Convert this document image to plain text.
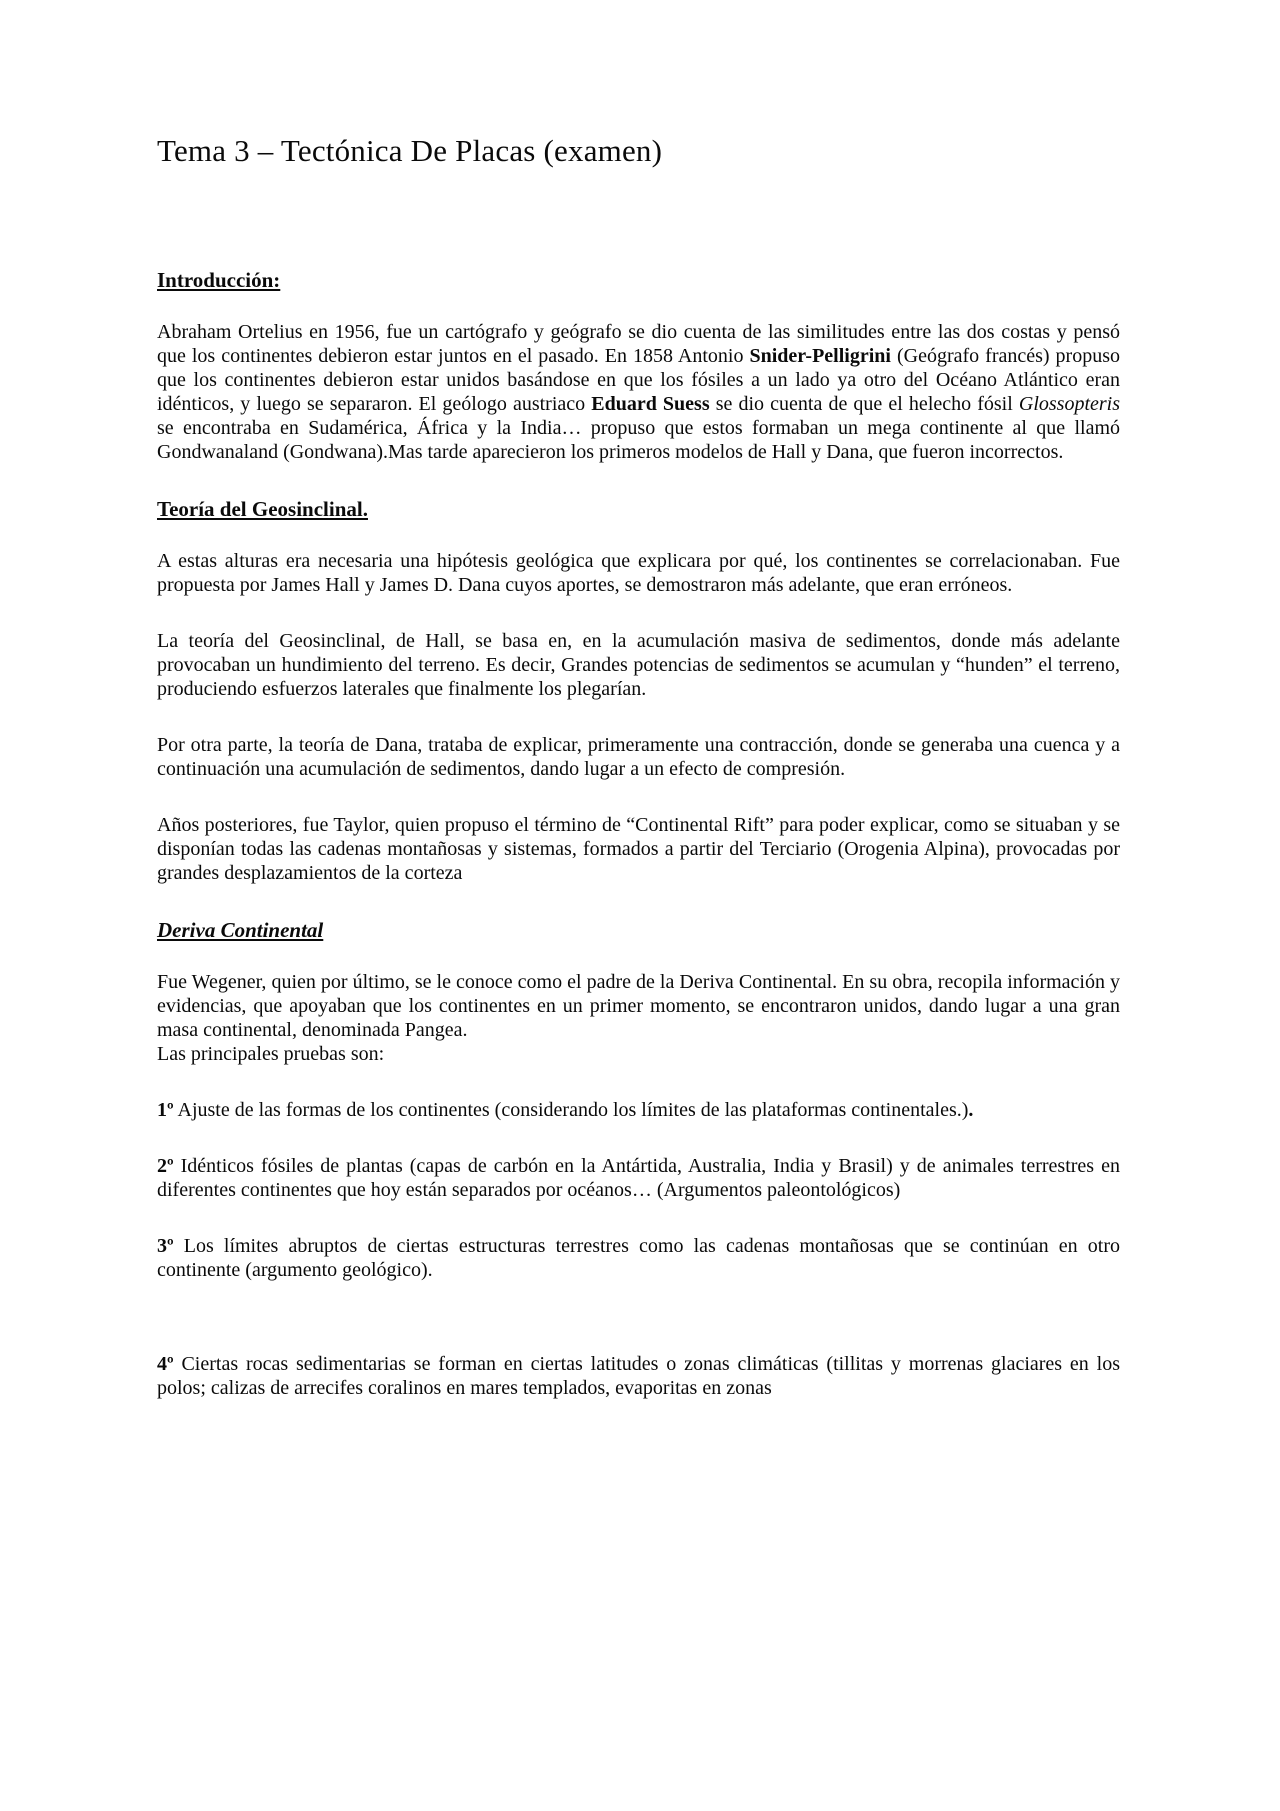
Tema 3 – Tectónica De Placas (examen)
Introducción:

Abraham Ortelius en 1956, fue un cartógrafo y geógrafo se dio cuenta de las similitudes entre las dos costas y pensó que los continentes debieron estar juntos en el pasado. En 1858 Antonio Snider-Pelligrini (Geógrafo francés) propuso que los continentes debieron estar unidos basándose en que los fósiles a un lado ya otro del Océano Atlántico eran idénticos, y luego se separaron. El geólogo austriaco Eduard Suess se dio cuenta de que el helecho fósil Glossopteris se encontraba en Sudamérica, África y la India… propuso que estos formaban un mega continente al que llamó Gondwanaland (Gondwana).Mas tarde aparecieron los primeros modelos de Hall y Dana, que fueron incorrectos.

Teoría del Geosinclinal.

A estas alturas era necesaria una hipótesis geológica que explicara por qué, los continentes se correlacionaban. Fue propuesta por James Hall y James D. Dana cuyos aportes, se demostraron más adelante, que eran erróneos.

La teoría del Geosinclinal, de Hall, se basa en, en la acumulación masiva de sedimentos, donde más adelante provocaban un hundimiento del terreno. Es decir, Grandes potencias de sedimentos se acumulan y “hunden” el terreno, produciendo esfuerzos laterales que finalmente los plegarían.

Por otra parte, la teoría de Dana, trataba de explicar, primeramente una contracción, donde se generaba una cuenca y a continuación una acumulación de sedimentos, dando lugar a un efecto de compresión.

Años posteriores, fue Taylor, quien propuso el término de “Continental Rift” para poder explicar, como se situaban y se disponían todas las cadenas montañosas y sistemas, formados a partir del Terciario (Orogenia Alpina), provocadas por grandes desplazamientos de la corteza

Deriva Continental

Fue Wegener, quien por último, se le conoce como el padre de la Deriva Continental. En su obra, recopila información y evidencias, que apoyaban que los continentes en un primer momento, se encontraron unidos, dando lugar a una gran masa continental, denominada Pangea.

Las principales pruebas son:

1º Ajuste de las formas de los continentes (considerando los límites de las plataformas continentales.).

2º Idénticos fósiles de plantas (capas de carbón en la Antártida, Australia, India y Brasil) y de animales terrestres en diferentes continentes que hoy están separados por océanos… (Argumentos paleontológicos)

3º Los límites abruptos de ciertas estructuras terrestres como las cadenas montañosas que se continúan en otro continente (argumento geológico).

4º Ciertas rocas sedimentarias se forman en ciertas latitudes o zonas climáticas (tillitas y morrenas glaciares en los polos; calizas de arrecifes coralinos en mares templados, evaporitas en zonas
